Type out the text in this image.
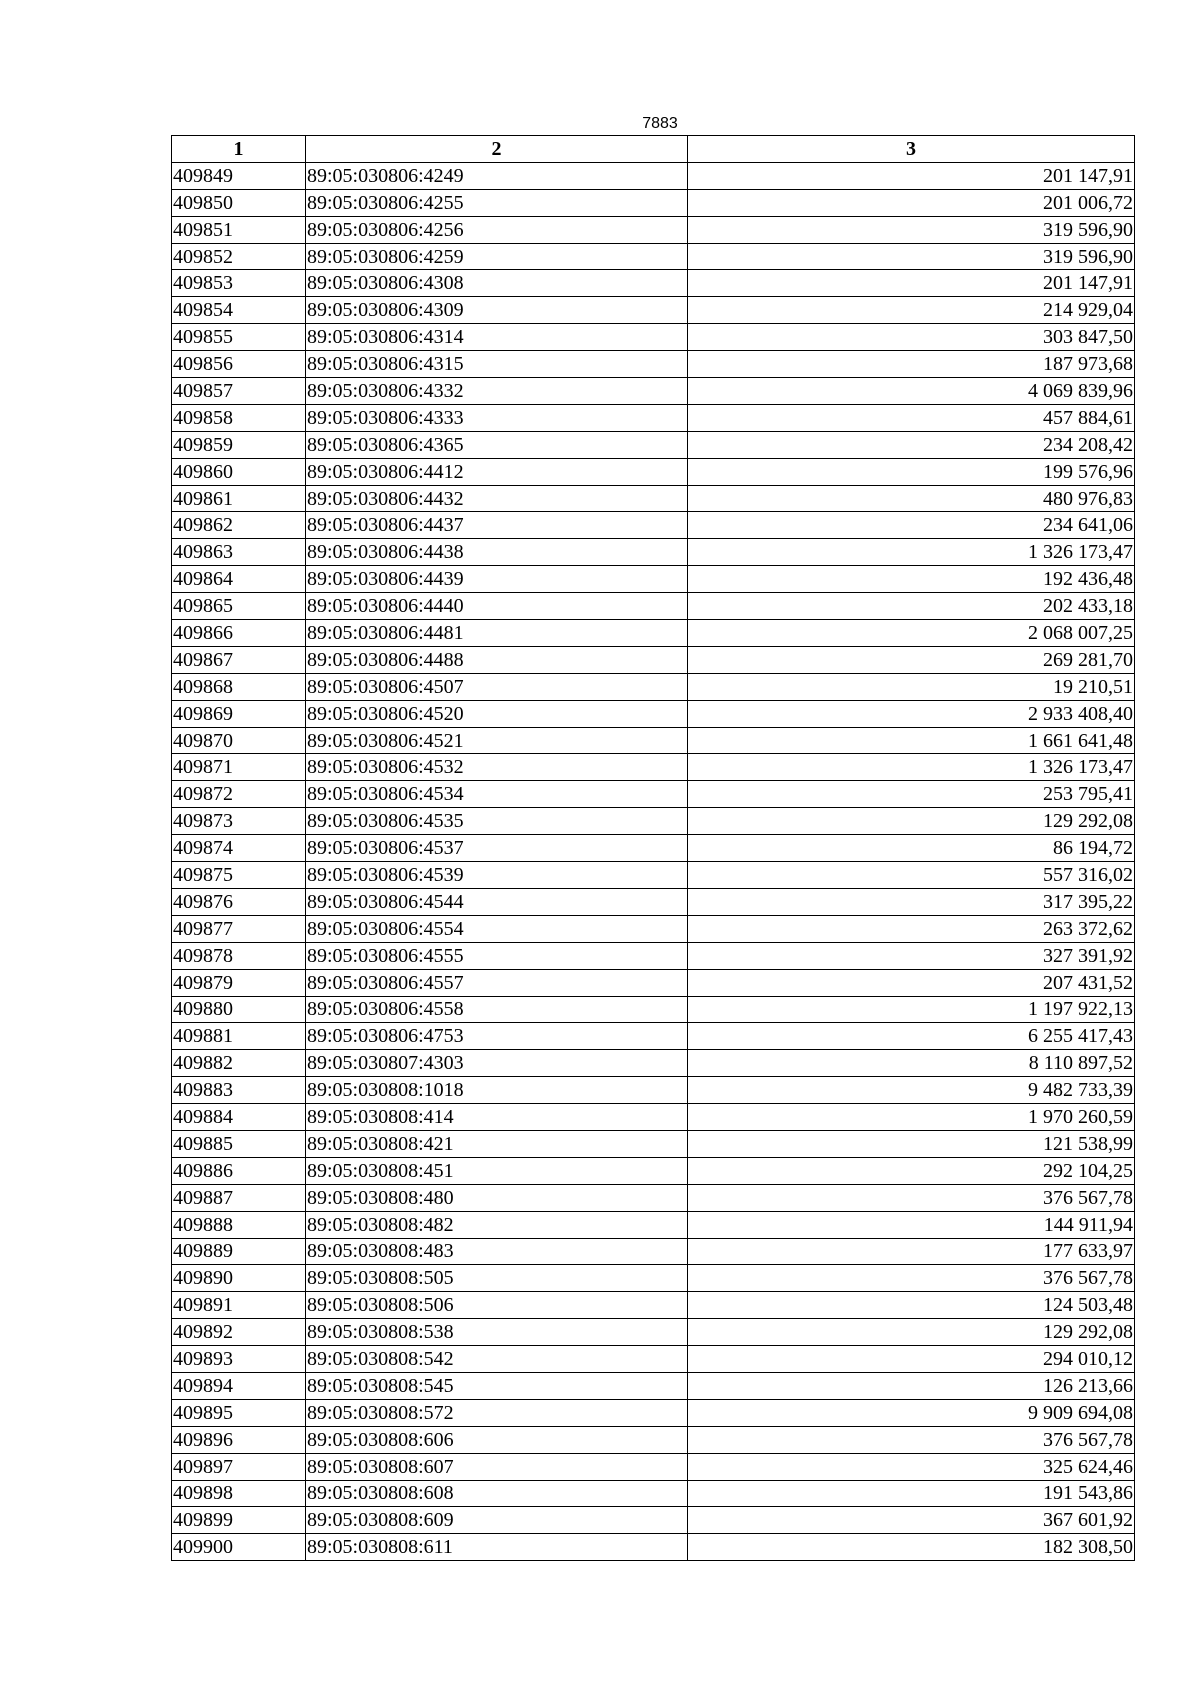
7883
1	2	3
409849	89:05:030806:4249	201 147,91
409850	89:05:030806:4255	201 006,72
409851	89:05:030806:4256	319 596,90
409852	89:05:030806:4259	319 596,90
409853	89:05:030806:4308	201 147,91
409854	89:05:030806:4309	214 929,04
409855	89:05:030806:4314	303 847,50
409856	89:05:030806:4315	187 973,68
409857	89:05:030806:4332	4 069 839,96
409858	89:05:030806:4333	457 884,61
409859	89:05:030806:4365	234 208,42
409860	89:05:030806:4412	199 576,96
409861	89:05:030806:4432	480 976,83
409862	89:05:030806:4437	234 641,06
409863	89:05:030806:4438	1 326 173,47
409864	89:05:030806:4439	192 436,48
409865	89:05:030806:4440	202 433,18
409866	89:05:030806:4481	2 068 007,25
409867	89:05:030806:4488	269 281,70
409868	89:05:030806:4507	19 210,51
409869	89:05:030806:4520	2 933 408,40
409870	89:05:030806:4521	1 661 641,48
409871	89:05:030806:4532	1 326 173,47
409872	89:05:030806:4534	253 795,41
409873	89:05:030806:4535	129 292,08
409874	89:05:030806:4537	86 194,72
409875	89:05:030806:4539	557 316,02
409876	89:05:030806:4544	317 395,22
409877	89:05:030806:4554	263 372,62
409878	89:05:030806:4555	327 391,92
409879	89:05:030806:4557	207 431,52
409880	89:05:030806:4558	1 197 922,13
409881	89:05:030806:4753	6 255 417,43
409882	89:05:030807:4303	8 110 897,52
409883	89:05:030808:1018	9 482 733,39
409884	89:05:030808:414	1 970 260,59
409885	89:05:030808:421	121 538,99
409886	89:05:030808:451	292 104,25
409887	89:05:030808:480	376 567,78
409888	89:05:030808:482	144 911,94
409889	89:05:030808:483	177 633,97
409890	89:05:030808:505	376 567,78
409891	89:05:030808:506	124 503,48
409892	89:05:030808:538	129 292,08
409893	89:05:030808:542	294 010,12
409894	89:05:030808:545	126 213,66
409895	89:05:030808:572	9 909 694,08
409896	89:05:030808:606	376 567,78
409897	89:05:030808:607	325 624,46
409898	89:05:030808:608	191 543,86
409899	89:05:030808:609	367 601,92
409900	89:05:030808:611	182 308,50
